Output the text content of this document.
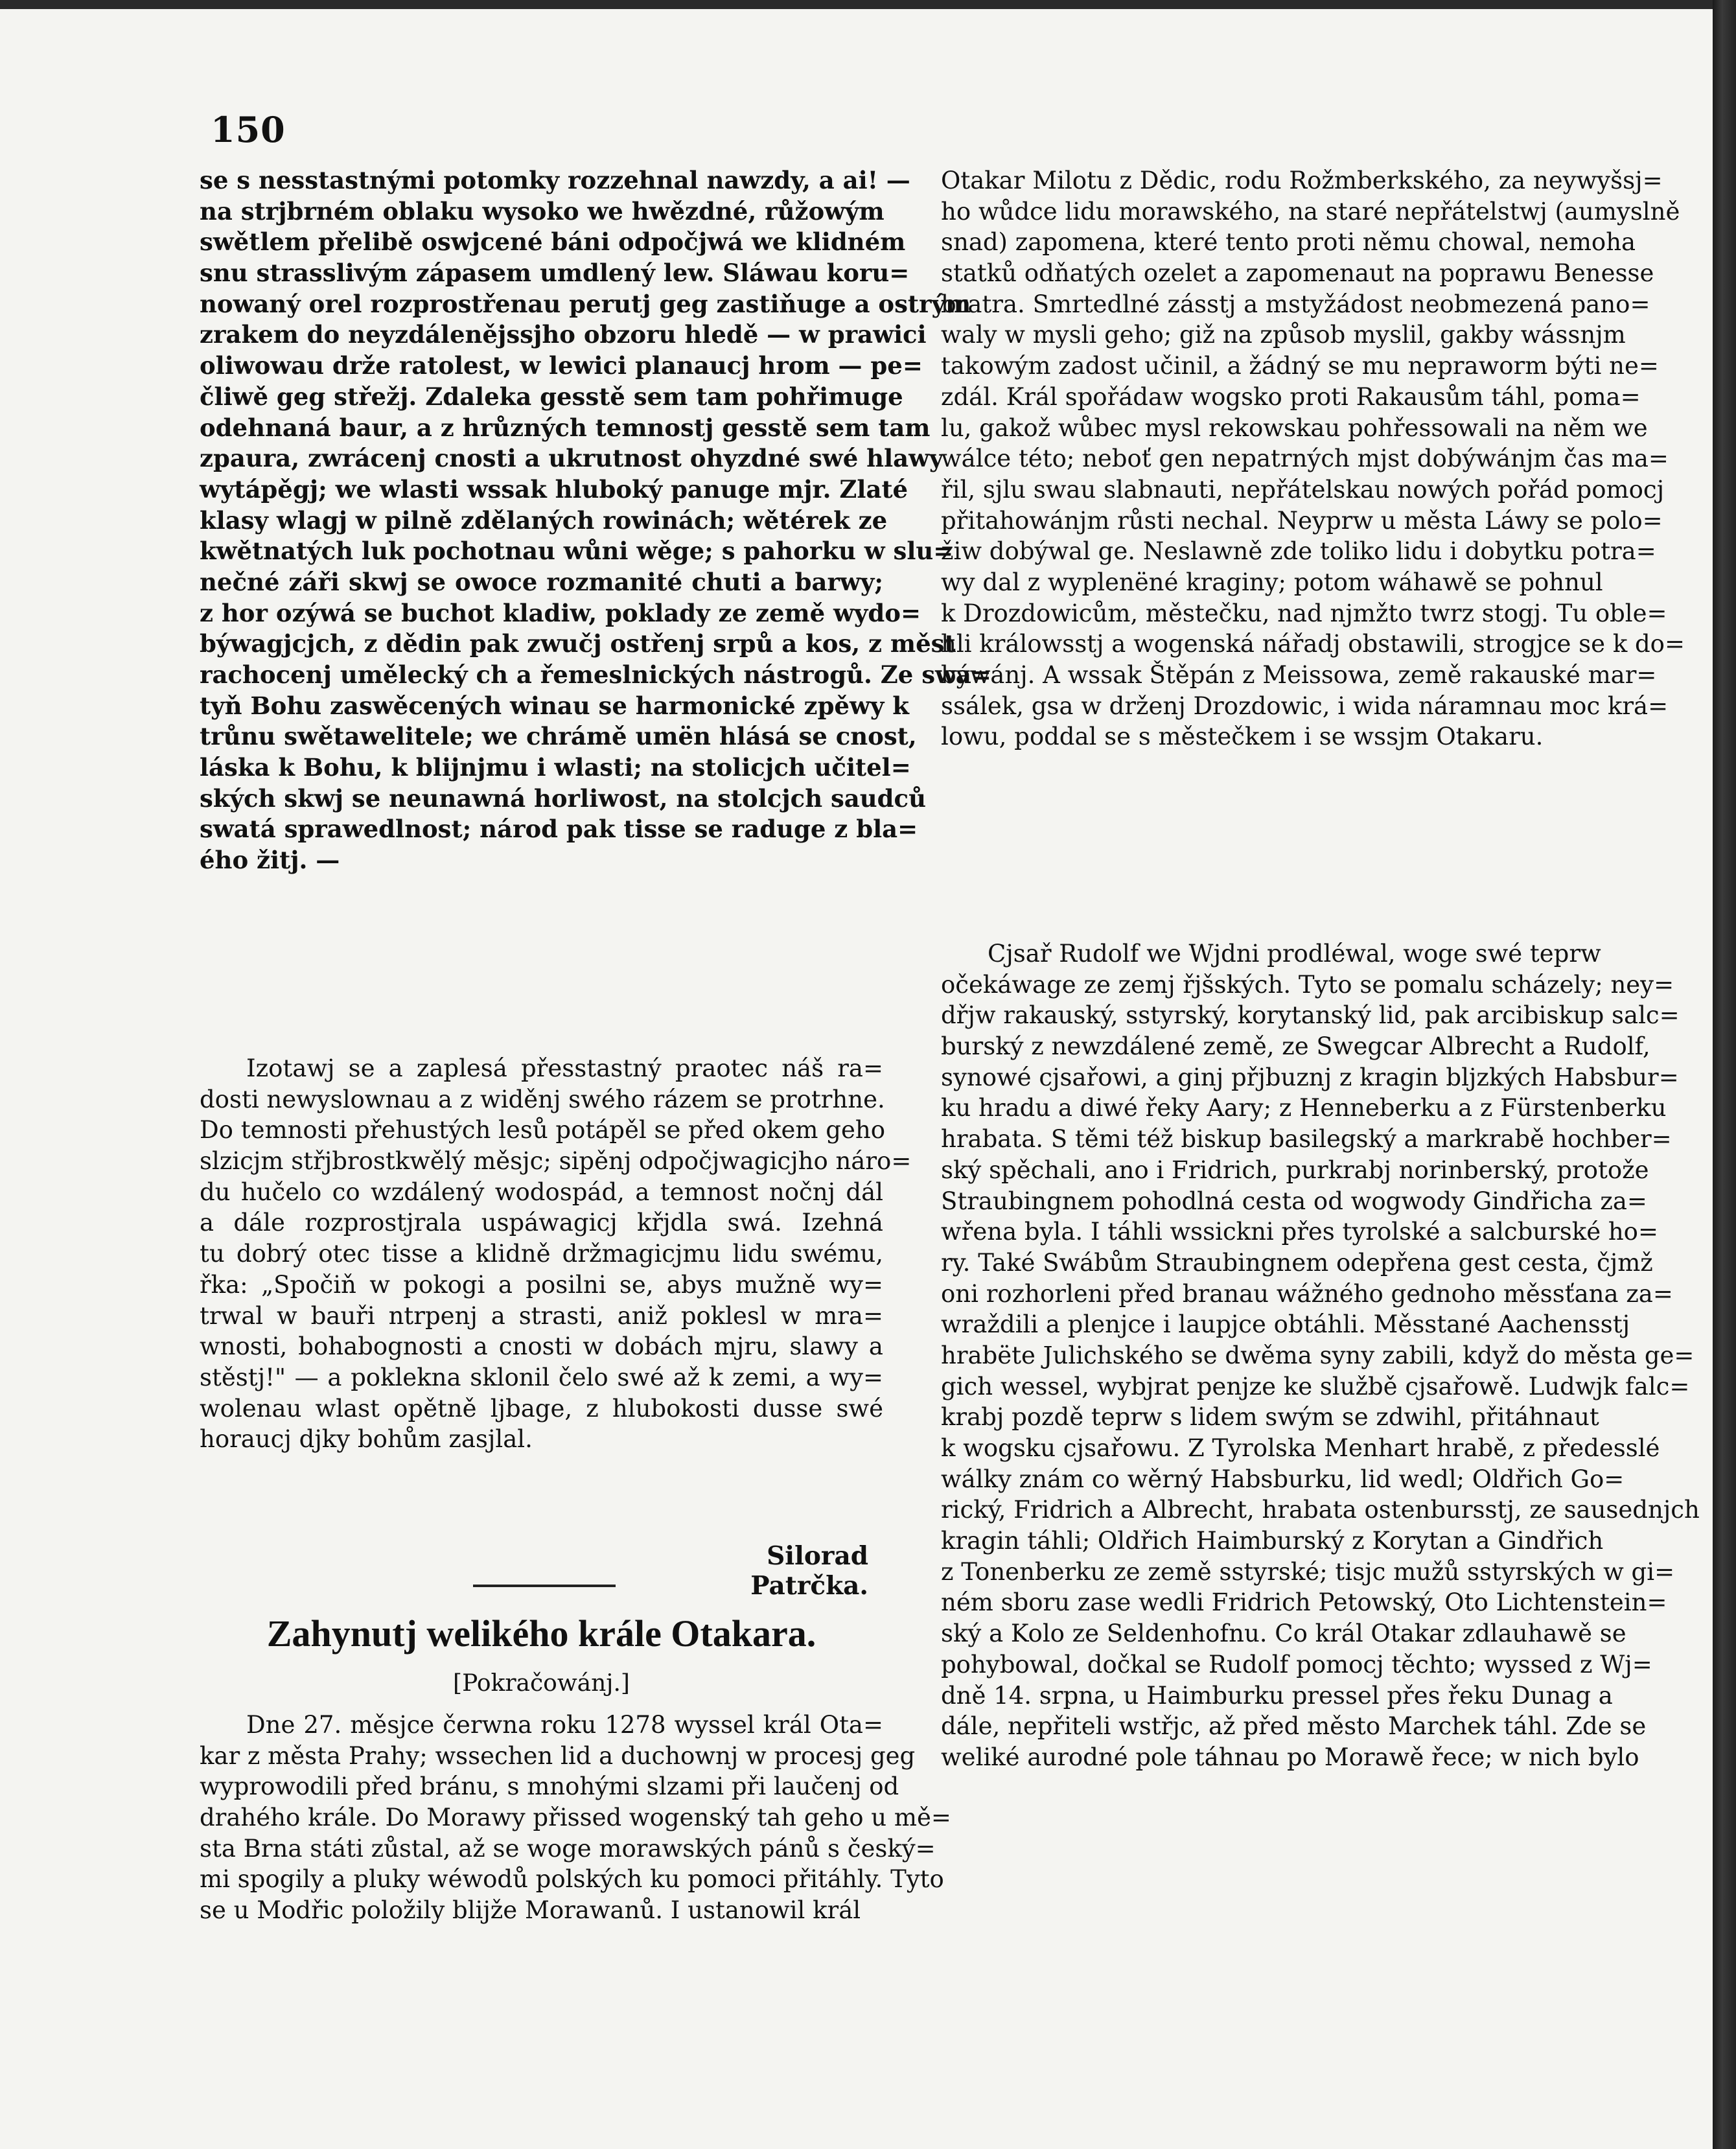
150
se s nesstastnými potomky rozzehnal nawzdy, a ai! —
na strjbrném oblaku wysoko we hwězdné, růžowým
swětlem přelibě oswjcené báni odpočjwá we klidném
snu strasslivým zápasem umdlený lew. Sláwau koru=
nowaný orel rozprostřenau perutj geg zastiňuge a ostrým
zrakem do neyzdálenějssjho obzoru hledě — w prawici
oliwowau drže ratolest, w lewici planaucj hrom — pe=
čliwě geg střežj. Zdaleka gesstě sem tam pohřimuge
odehnaná baur, a z hrůzných temnostj gesstě sem tam
zpaura, zwrácenj cnosti a ukrutnost ohyzdné swé hlawy
wytápěgj; we wlasti wssak hluboký panuge mjr. Zlaté
klasy wlagj w pilně zdělaných rowinách; wětérek ze
kwětnatých luk pochotnau wůni wěge; s pahorku w slu=
nečné záři skwj se owoce rozmanité chuti a barwy;
z hor ozýwá se buchot kladiw, poklady ze země wydo=
býwagjcjch, z dědin pak zwučj ostřenj srpů a kos, z měst
rachocenj umělecký ch a řemeslnických nástrogů. Ze swa=
tyň Bohu zaswěcených winau se harmonické zpěwy k
trůnu swětawelitele; we chrámě umën hlásá se cnost,
láska k Bohu, k blijnjmu i wlasti; na stolicjch učitel=
ských skwj se neunawná horliwost, na stolcjch saudců
swatá sprawedlnost; národ pak tisse se raduge z bla=
ého žitj. —
Izotawj se a zaplesá přesstastný praotec náš ra=
dosti newyslownau a z widěnj swého rázem se protrhne.
Do temnosti přehustých lesů potápěl se před okem geho
slzicjm střjbrostkwělý měsjc; sipěnj odpočjwagicjho náro=
du hučelo co wzdálený wodospád, a temnost nočnj dál
a dále rozprostjrala uspáwagicj křjdla swá. Izehná
tu dobrý otec tisse a klidně držmagicjmu lidu swému,
řka: „Spočiň w pokogi a posilni se, abys mužně wy=
trwal w bauři ntrpenj a strasti, aniž poklesl w mra=
wnosti, bohabognosti a cnosti w dobách mjru, slawy a
stěstj!" — a pokleknа sklonil čelo swé až k zemi, a wy=
wolenau wlast opětně ljbage, z hlubokosti dusse swé
horaucj djky bohům zasjlal.
Silorad Patrčka.
Zahynutj welikého krále Otakara.
[Pokračowánj.]
Dne 27. měsjce čerwna roku 1278 wyssel král Ota=
kar z města Prahy; wssechen lid a duchownj w procesj geg
wyprowodili před bránu, s mnohými slzami při laučenj od
drahého krále. Do Morawy přissed wogenský tah geho u mě=
sta Brna státi zůstal, až se woge morawských pánů s český=
mi spogily a pluky wéwodů polských ku pomoci přitáhly. Tyto
se u Modřic položily blijže Morawanů. I ustanowil král
Otakar Milotu z Dědic, rodu Rožmberkského, za neywyšsj=
ho wůdce lidu morawského, na staré nepřátelstwj (aumyslně
snad) zapomena, které tento proti němu chowal, nemoha
statků odňatých ozelet a zapomenaut na poprawu Benesse
bratra. Smrtedlné zásstj a mstyžádost neobmezená pano=
waly w mysli geho; giž na způsob myslil, gakby wássnjm
takowým zadost učinil, a žádný se mu nepraworm býti ne=
zdál. Král spořádaw wogsko proti Rakausům táhl, poma=
lu, gakož wůbec mysl rekowskau pohřessowali na něm we
wálce této; neboť gen nepatrných mjst dobýwánjm čas ma=
řil, sjlu swau slabnauti, nepřátelskau nowých pořád pomocj
přitahowánjm růsti nechal. Neyprw u města Láwy se polo=
žiw dobýwal ge. Neslawně zde toliko lidu i dobytku potra=
wy dal z wyplenëné kraginy; potom wáhawě se pohnul
k Drozdowicům, městečku, nad njmžto twrz stogj. Tu oble=
hli králowsstj a wogenská nářadj obstawili, strogjce se k do=
býwánj. A wssak Štěpán z Meissowa, země rakauské mar=
ssálek, gsa w drženj Drozdowic, i wida náramnau moc krá=
lowu, poddal se s městečkem i se wssjm Otakaru.
Cjsař Rudolf we Wjdni prodléwal, woge swé teprw
očekáwage ze zemj řjšských. Tyto se pomalu scházely; ney=
dřjw rakauský, sstyrský, korytanský lid, pak arcibiskup salc=
burský z newzdálené země, ze Swegcar Albrecht a Rudolf,
synowé cjsařowi, a ginj přjbuznj z kragin bljzkých Habsbur=
ku hradu a diwé řeky Aary; z Henneberku a z Fürstenberku
hrabata. S těmi též biskup basilegský a markrabě hochber=
ský spěchali, ano i Fridrich, purkrabj norinberský, protože
Straubingnem pohodlná cesta od wogwody Gindřicha za=
wřena byla. I táhli wssickni přes tyrolské a salcburské ho=
ry. Také Swábům Straubingnem odepřena gest cesta, čjmž
oni rozhorleni před branau wážného gednoho měssťana za=
wraždili a plenjce i laupjce obtáhli. Měsstané Aachensstj
hrabëte Julichského se dwěma syny zabili, když do města ge=
gich wessel, wybjrat penjze ke službě cjsařowě. Ludwjk falc=
krabj pozdě teprw s lidem swým se zdwihl, přitáhnaut
k wogsku cjsařowu. Z Tyrolska Menhart hrabě, z předesslé
wálky znám co wěrný Habsburku, lid wedl; Oldřich Go=
rický, Fridrich a Albrecht, hrabata ostenbursstj, ze sausednjch
kragin táhli; Oldřich Haimburský z Korytan a Gindřich
z Tonenberku ze země sstyrské; tisjc mužů sstyrských w gi=
ném sboru zase wedli Fridrich Petowský, Oto Lichtenstein=
ský a Kolo ze Seldenhofnu. Co král Otakar zdlauhawě se
pohybowal, dočkal se Rudolf pomocj těchto; wyssed z Wj=
dně 14. srpna, u Haimburku pressel přes řeku Dunag a
dále, nepřiteli wstřjc, až před město Marchek táhl. Zde se
weliké aurodné pole táhnau po Morawě řece; w nich bylo
